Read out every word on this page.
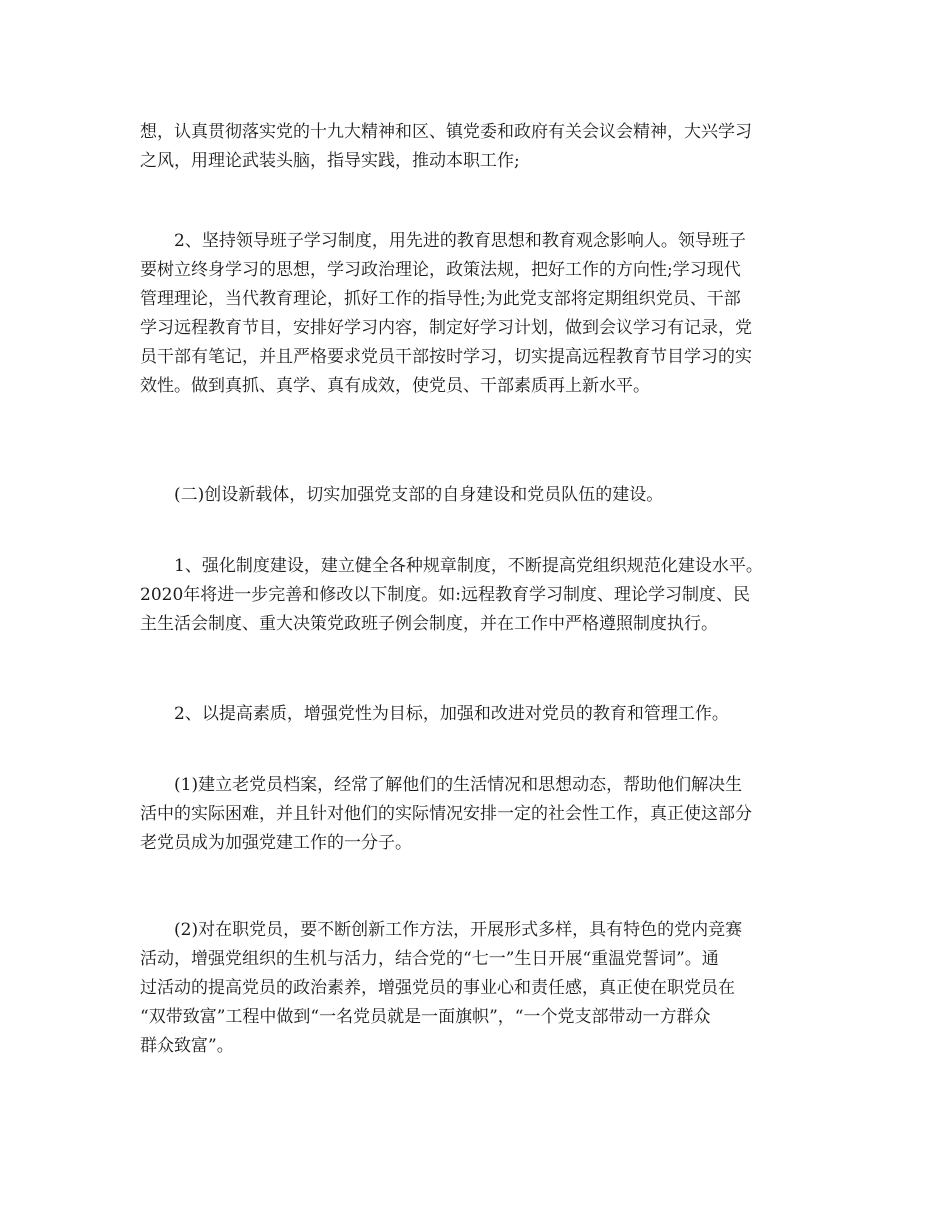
想，认真贯彻落实党的十九大精神和区、镇党委和政府有关会议会精神，大兴学习
之风，用理论武装头脑，指导实践，推动本职工作;

2、坚持领导班子学习制度，用先进的教育思想和教育观念影响人。领导班子
要树立终身学习的思想，学习政治理论，政策法规，把好工作的方向性;学习现代
管理理论，当代教育理论，抓好工作的指导性;为此党支部将定期组织党员、干部
学习远程教育节目，安排好学习内容，制定好学习计划，做到会议学习有记录，党
员干部有笔记，并且严格要求党员干部按时学习，切实提高远程教育节目学习的实
效性。做到真抓、真学、真有成效，使党员、干部素质再上新水平。

(二)创设新载体，切实加强党支部的自身建设和党员队伍的建设。

1、强化制度建设，建立健全各种规章制度，不断提高党组织规范化建设水平。
2020年将进一步完善和修改以下制度。如:远程教育学习制度、理论学习制度、民
主生活会制度、重大决策党政班子例会制度，并在工作中严格遵照制度执行。

2、以提高素质，增强党性为目标，加强和改进对党员的教育和管理工作。

(1)建立老党员档案，经常了解他们的生活情况和思想动态，帮助他们解决生
活中的实际困难，并且针对他们的实际情况安排一定的社会性工作，真正使这部分
老党员成为加强党建工作的一分子。

(2)对在职党员，要不断创新工作方法，开展形式多样，具有特色的党内竞赛
活动，增强党组织的生机与活力，结合党的“七一”生日开展“重温党誓词”。通
过活动的提高党员的政治素养，增强党员的事业心和责任感，真正使在职党员在
“双带致富”工程中做到“一名党员就是一面旗帜”，“一个党支部带动一方群众
群众致富”。
